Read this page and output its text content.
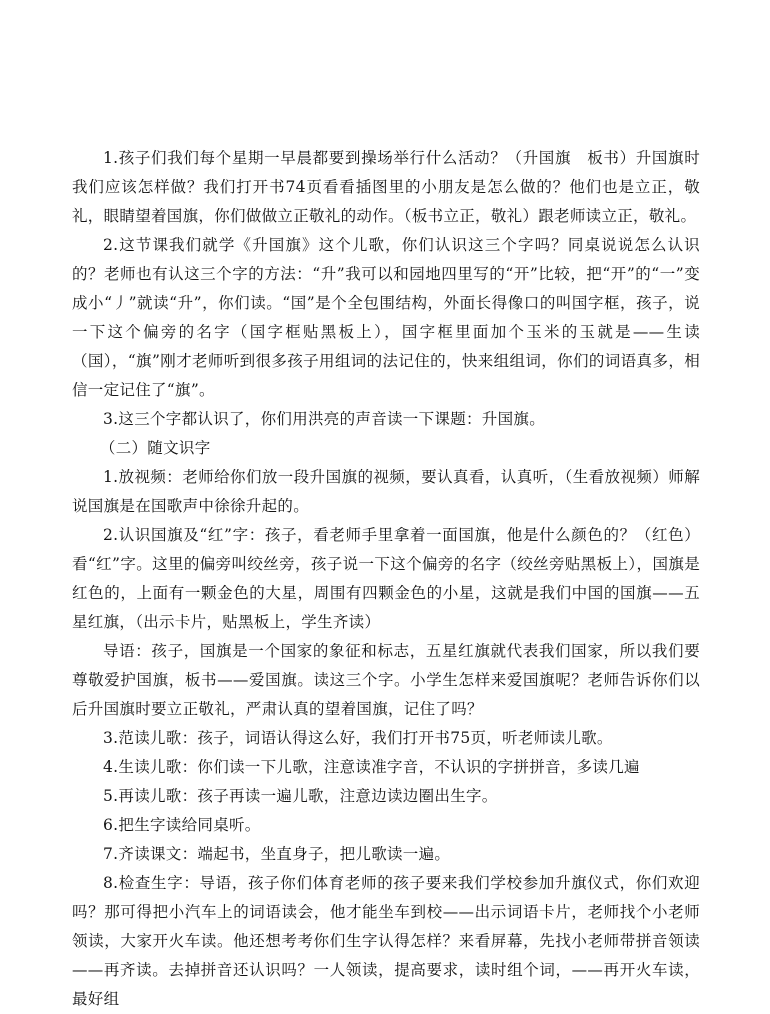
1.孩子们我们每个星期一早晨都要到操场举行什么活动？（升国旗　板书）升国旗时我们应该怎样做？我们打开书74页看看插图里的小朋友是怎么做的？他们也是立正，敬礼，眼睛望着国旗，你们做做立正敬礼的动作。（板书立正，敬礼）跟老师读立正，敬礼。

2.这节课我们就学《升国旗》这个儿歌，你们认识这三个字吗？同桌说说怎么认识的？老师也有认这三个字的方法：“升”我可以和园地四里写的“开”比较，把“开”的“一”变成小“丿”就读“升”，你们读。“国”是个全包围结构，外面长得像口的叫国字框，孩子，说一下这个偏旁的名字（国字框贴黑板上），国字框里面加个玉米的玉就是——生读（国），“旗”刚才老师听到很多孩子用组词的法记住的，快来组组词，你们的词语真多，相信一定记住了“旗”。

3.这三个字都认识了，你们用洪亮的声音读一下课题：升国旗。

（二）随文识字

1.放视频：老师给你们放一段升国旗的视频，要认真看，认真听，（生看放视频）师解说国旗是在国歌声中徐徐升起的。

2.认识国旗及“红”字：孩子，看老师手里拿着一面国旗，他是什么颜色的？（红色）看“红”字。这里的偏旁叫绞丝旁，孩子说一下这个偏旁的名字（绞丝旁贴黑板上），国旗是红色的，上面有一颗金色的大星，周围有四颗金色的小星，这就是我们中国的国旗——五星红旗，（出示卡片，贴黑板上，学生齐读）

导语：孩子，国旗是一个国家的象征和标志，五星红旗就代表我们国家，所以我们要尊敬爱护国旗，板书——爱国旗。读这三个字。小学生怎样来爱国旗呢？老师告诉你们以后升国旗时要立正敬礼，严肃认真的望着国旗，记住了吗？

3.范读儿歌：孩子，词语认得这么好，我们打开书75页，听老师读儿歌。

4.生读儿歌：你们读一下儿歌，注意读准字音，不认识的字拼拼音，多读几遍

5.再读儿歌：孩子再读一遍儿歌，注意边读边圈出生字。

6.把生字读给同桌听。

7.齐读课文：端起书，坐直身子，把儿歌读一遍。

8.检查生字：导语，孩子你们体育老师的孩子要来我们学校参加升旗仪式，你们欢迎吗？那可得把小汽车上的词语读会，他才能坐车到校——出示词语卡片，老师找个小老师领读，大家开火车读。他还想考考你们生字认得怎样？来看屏幕，先找小老师带拼音领读——再齐读。去掉拼音还认识吗？一人领读，提高要求，读时组个词，——再开火车读，最好组
